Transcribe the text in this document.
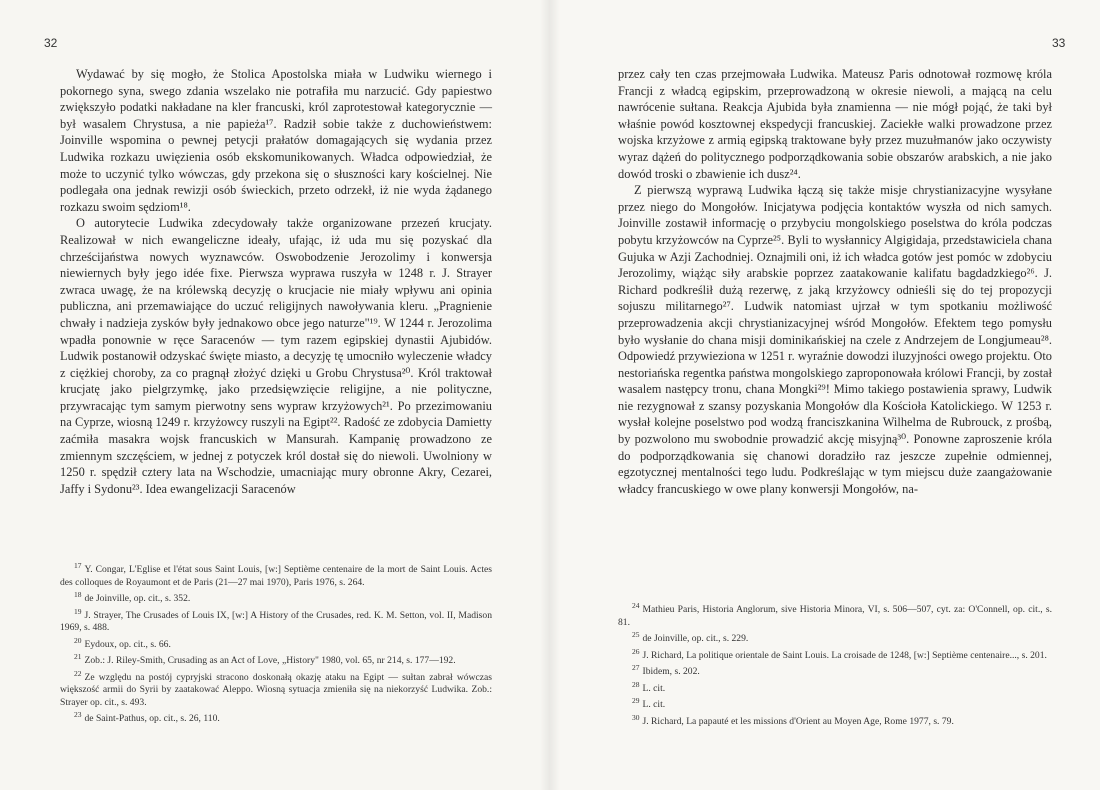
32

Wydawać by się mogło, że Stolica Apostolska miała w Ludwiku wiernego i pokornego syna, swego zdania wszelako nie potrafiła mu narzucić. Gdy papiestwo zwiększyło podatki nakładane na kler francuski, król zaprotestował kategorycznie — był wasalem Chrystusa, a nie papieża¹⁷. Radził sobie także z duchowieństwem: Joinville wspomina o pewnej petycji prałatów domagających się wydania przez Ludwika rozkazu uwięzienia osób ekskomunikowanych. Władca odpowiedział, że może to uczynić tylko wówczas, gdy przekona się o słuszności kary kościelnej. Nie podlegała ona jednak rewizji osób świeckich, przeto odrzekł, iż nie wyda żądanego rozkazu swoim sędziom¹⁸.

O autorytecie Ludwika zdecydowały także organizowane przezeń krucjaty. Realizował w nich ewangeliczne ideały, ufając, iż uda mu się pozyskać dla chrześcijaństwa nowych wyznawców. Oswobodzenie Jerozolimy i konwersja niewiernych były jego idée fixe. Pierwsza wyprawa ruszyła w 1248 r. J. Strayer zwraca uwagę, że na królewską decyzję o krucjacie nie miały wpływu ani opinia publiczna, ani przemawiające do uczuć religijnych nawoływania kleru. „Pragnienie chwały i nadzieja zysków były jednakowo obce jego naturze"¹⁹. W 1244 r. Jerozolima wpadła ponownie w ręce Saracenów — tym razem egipskiej dynastii Ajubidów. Ludwik postanowił odzyskać święte miasto, a decyzję tę umocniło wyleczenie władcy z ciężkiej choroby, za co pragnął złożyć dzięki u Grobu Chrystusa²⁰. Król traktował krucjatę jako pielgrzymkę, jako przedsięwzięcie religijne, a nie polityczne, przywracając tym samym pierwotny sens wypraw krzyżowych²¹. Po przezimowaniu na Cyprze, wiosną 1249 r. krzyżowcy ruszyli na Egipt²². Radość ze zdobycia Damietty zaćmiła masakra wojsk francuskich w Mansurah. Kampanię prowadzono ze zmiennym szczęściem, w jednej z potyczek król dostał się do niewoli. Uwolniony w 1250 r. spędził cztery lata na Wschodzie, umacniając mury obronne Akry, Cezarei, Jaffy i Sydonu²³. Idea ewangelizacji Saracenów

$^{17}$ Y. Congar, L'Eglise et l'état sous Saint Louis, [w:] Septième centenaire de la mort de Saint Louis. Actes des colloques de Royaumont et de Paris (21—27 mai 1970), Paris 1976, s. 264.

$^{18}$ de Joinville, op. cit., s. 352.

$^{19}$ J. Strayer, The Crusades of Louis IX, [w:] A History of the Crusades, red. K. M. Setton, vol. II, Madison 1969, s. 488.

$^{20}$ Eydoux, op. cit., s. 66.

$^{21}$ Zob.: J. Riley-Smith, Crusading as an Act of Love, „History" 1980, vol. 65, nr 214, s. 177—192.

$^{22}$ Ze względu na postój cypryjski stracono doskonałą okazję ataku na Egipt — sułtan zabrał wówczas większość armii do Syrii by zaatakować Aleppo. Wiosną sytuacja zmieniła się na niekorzyść Ludwika. Zob.: Strayer op. cit., s. 493.

$^{23}$ de Saint-Pathus, op. cit., s. 26, 110.

33

przez cały ten czas przejmowała Ludwika. Mateusz Paris odnotował rozmowę króla Francji z władcą egipskim, przeprowadzoną w okresie niewoli, a mającą na celu nawrócenie sułtana. Reakcja Ajubida była znamienna — nie mógł pojąć, że taki był właśnie powód kosztownej ekspedycji francuskiej. Zaciekłe walki prowadzone przez wojska krzyżowe z armią egipską traktowane były przez muzułmanów jako oczywisty wyraz dążeń do politycznego podporządkowania sobie obszarów arabskich, a nie jako dowód troski o zbawienie ich dusz²⁴.

Z pierwszą wyprawą Ludwika łączą się także misje chrystianizacyjne wysyłane przez niego do Mongołów. Inicjatywa podjęcia kontaktów wyszła od nich samych. Joinville zostawił informację o przybyciu mongolskiego poselstwa do króla podczas pobytu krzyżowców na Cyprze²⁵. Byli to wysłannicy Algigidaja, przedstawiciela chana Gujuka w Azji Zachodniej. Oznajmili oni, iż ich władca gotów jest pomóc w zdobyciu Jerozolimy, wiążąc siły arabskie poprzez zaatakowanie kalifatu bagdadzkiego²⁶. J. Richard podkreślił dużą rezerwę, z jaką krzyżowcy odnieśli się do tej propozycji sojuszu militarnego²⁷. Ludwik natomiast ujrzał w tym spotkaniu możliwość przeprowadzenia akcji chrystianizacyjnej wśród Mongołów. Efektem tego pomysłu było wysłanie do chana misji dominikańskiej na czele z Andrzejem de Longjumeau²⁸. Odpowiedź przywieziona w 1251 r. wyraźnie dowodzi iluzyjności owego projektu. Oto nestoriańska regentka państwa mongolskiego zaproponowała królowi Francji, by został wasalem następcy tronu, chana Mongki²⁹! Mimo takiego postawienia sprawy, Ludwik nie rezygnował z szansy pozyskania Mongołów dla Kościoła Katolickiego. W 1253 r. wysłał kolejne poselstwo pod wodzą franciszkanina Wilhelma de Rubrouck, z prośbą, by pozwolono mu swobodnie prowadzić akcję misyjną³⁰. Ponowne zaproszenie króla do podporządkowania się chanowi doradziło raz jeszcze zupełnie odmiennej, egzotycznej mentalności tego ludu. Podkreślając w tym miejscu duże zaangażowanie władcy francuskiego w owe plany konwersji Mongołów, na-

$^{24}$ Mathieu Paris, Historia Anglorum, sive Historia Minora, VI, s. 506—507, cyt. za: O'Connell, op. cit., s. 81.

$^{25}$ de Joinville, op. cit., s. 229.

$^{26}$ J. Richard, La politique orientale de Saint Louis. La croisade de 1248, [w:] Septième centenaire..., s. 201.

$^{27}$ Ibidem, s. 202.

$^{28}$ L. cit.

$^{29}$ L. cit.

$^{30}$ J. Richard, La papauté et les missions d'Orient au Moyen Age, Rome 1977, s. 79.
